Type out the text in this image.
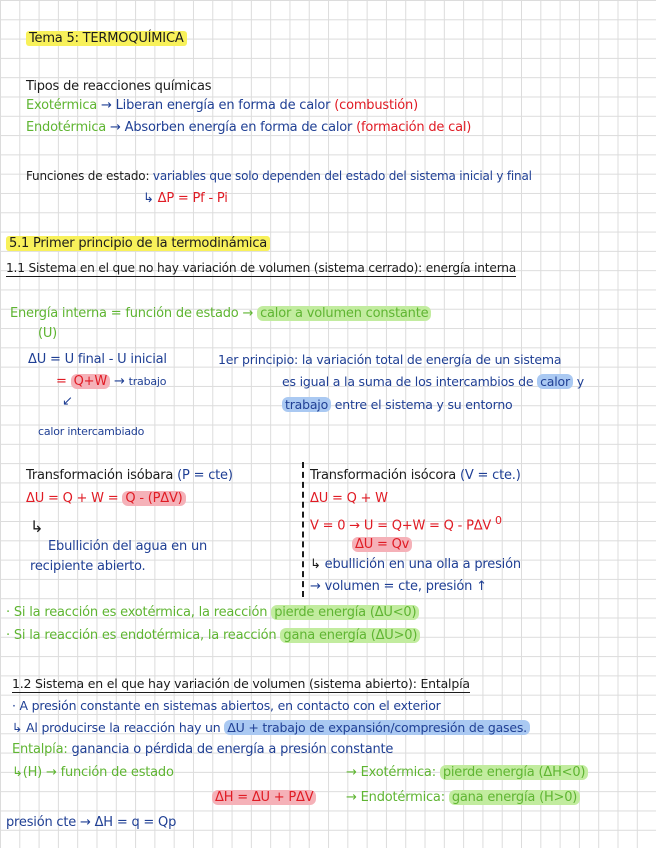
Tema 5: TERMOQUÍMICA
Tipos de reacciones químicas
Exotérmica → Liberan energía en forma de calor (combustión)
Endotérmica → Absorben energía en forma de calor (formación de cal)
Funciones de estado: variables que solo dependen del estado del sistema inicial y final
↳ ΔP = Pf - Pi
5.1 Primer principio de la termodinámica
1.1 Sistema en el que no hay variación de volumen (sistema cerrado): energía interna
Energía interna = función de estado → calor a volumen constante
(U)
ΔU = U final - U inicial
= Q+W → trabajo
↙
calor intercambiado
1er principio: la variación total de energía de un sistema
es igual a la suma de los intercambios de calor y
trabajo entre el sistema y su entorno
Transformación isóbara (P = cte)
ΔU = Q + W = Q - (PΔV)
↳
Ebullición del agua en un
recipiente abierto.
Transformación isócora (V = cte.)
ΔU = Q + W
V = 0 → U = Q+W = Q - PΔV $^0$
ΔU = Qv
↳ ebullición en una olla a presión
→ volumen = cte, presión ↑
· Si la reacción es exotérmica, la reacción pierde energía (ΔU<0)
· Si la reacción es endotérmica, la reacción gana energía (ΔU>0)
1.2 Sistema en el que hay variación de volumen (sistema abierto): Entalpía
· A presión constante en sistemas abiertos, en contacto con el exterior
↳ Al producirse la reacción hay un ΔU + trabajo de expansión/compresión de gases.
Entalpía: ganancia o pérdida de energía a presión constante
↳(H) → función de estado	→ Exotérmica: pierde energía (ΔH<0)
ΔH = ΔU + PΔV	→ Endotérmica: gana energía (H>0)
presión cte → ΔH = q = Qp
